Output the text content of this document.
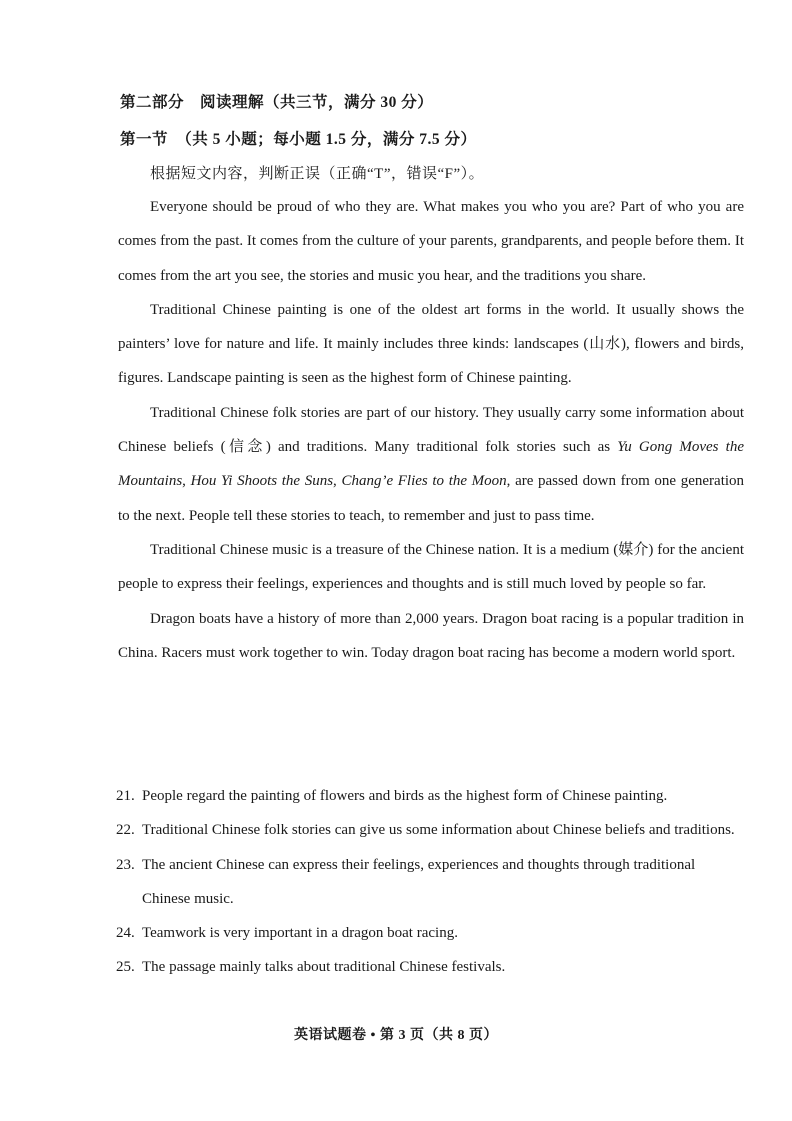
第二部分　阅读理解（共三节，满分 30 分）
第一节　（共 5 小题；每小题 1.5 分，满分 7.5 分）
根据短文内容，判断正误（正确“T”，错误“F”）。

Everyone should be proud of who they are. What makes you who you are? Part of who you are comes from the past. It comes from the culture of your parents, grandparents, and people before them. It comes from the art you see, the stories and music you hear, and the traditions you share.

Traditional Chinese painting is one of the oldest art forms in the world. It usually shows the painters’ love for nature and life. It mainly includes three kinds: landscapes (山水), flowers and birds, figures. Landscape painting is seen as the highest form of Chinese painting.

Traditional Chinese folk stories are part of our history. They usually carry some information about Chinese beliefs (信念) and traditions. Many traditional folk stories such as Yu Gong Moves the Mountains, Hou Yi Shoots the Suns, Chang’e Flies to the Moon, are passed down from one generation to the next. People tell these stories to teach, to remember and just to pass time.

Traditional Chinese music is a treasure of the Chinese nation. It is a medium (媒介) for the ancient people to express their feelings, experiences and thoughts and is still much loved by people so far.

Dragon boats have a history of more than 2,000 years. Dragon boat racing is a popular tradition in China. Racers must work together to win. Today dragon boat racing has become a modern world sport.

21. People regard the painting of flowers and birds as the highest form of Chinese painting.
22. Traditional Chinese folk stories can give us some information about Chinese beliefs and traditions.
23. The ancient Chinese can express their feelings, experiences and thoughts through traditional Chinese music.
24. Teamwork is very important in a dragon boat racing.
25. The passage mainly talks about traditional Chinese festivals.
英语试题卷 • 第 3 页（共 8 页）
